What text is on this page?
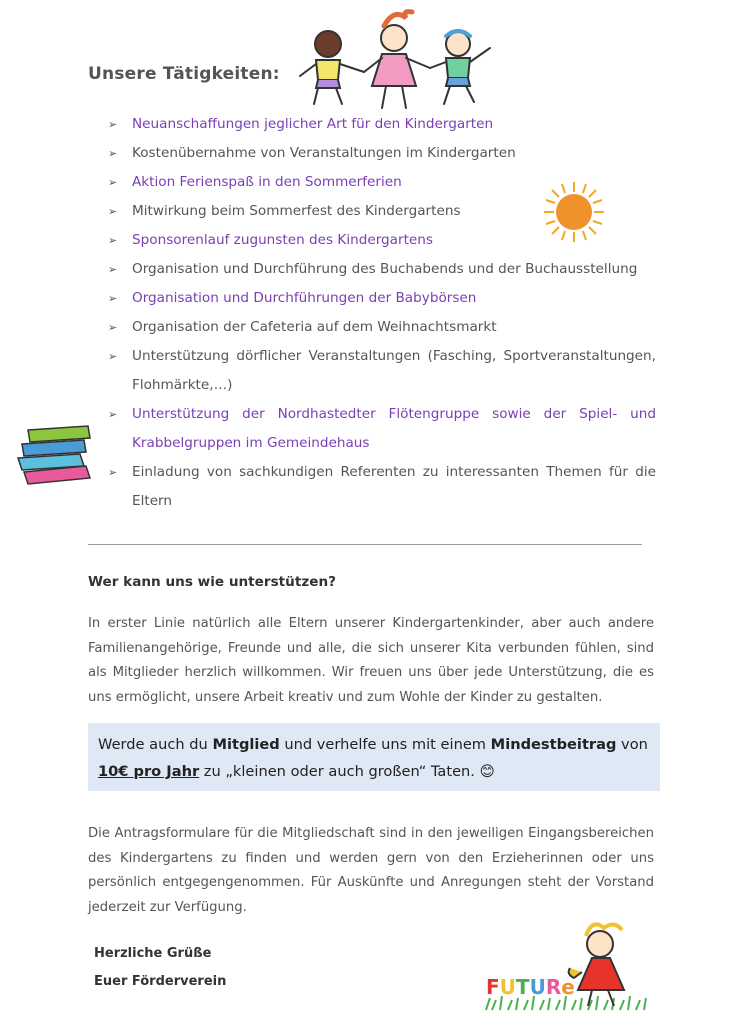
Unsere Tätigkeiten:
➢ Neuanschaffungen jeglicher Art für den Kindergarten
➢ Kostenübernahme von Veranstaltungen im Kindergarten
➢ Aktion Ferienspaß in den Sommerferien
➢ Mitwirkung beim Sommerfest des Kindergartens
➢ Sponsorenlauf zugunsten des Kindergartens
➢ Organisation und Durchführung des Buchabends und der Buchausstellung
➢ Organisation und Durchführungen der Babybörsen
➢ Organisation der Cafeteria auf dem Weihnachtsmarkt
➢ Unterstützung dörflicher Veranstaltungen (Fasching, Sportveranstaltungen, Flohmärkte,…)
➢ Unterstützung der Nordhastedter Flötengruppe sowie der Spiel- und Krabbelgruppen im Gemeindehaus
➢ Einladung von sachkundigen Referenten zu interessanten Themen für die Eltern
Wer kann uns wie unterstützen?
In erster Linie natürlich alle Eltern unserer Kindergartenkinder, aber auch andere Familienangehörige, Freunde und alle, die sich unserer Kita verbunden fühlen, sind als Mitglieder herzlich willkommen. Wir freuen uns über jede Unterstützung, die es uns ermöglicht, unsere Arbeit kreativ und zum Wohle der Kinder zu gestalten.
Werde auch du Mitglied und verhelfe uns mit einem Mindestbeitrag von 10€ pro Jahr zu „kleinen oder auch großen“ Taten. 😊
Die Antragsformulare für die Mitgliedschaft sind in den jeweiligen Eingangsbereichen des Kindergartens zu finden und werden gern von den Erzieherinnen oder uns persönlich entgegengenommen. Für Auskünfte und Anregungen steht der Vorstand jederzeit zur Verfügung.
Herzliche Grüße
Euer Förderverein	FUTURe
